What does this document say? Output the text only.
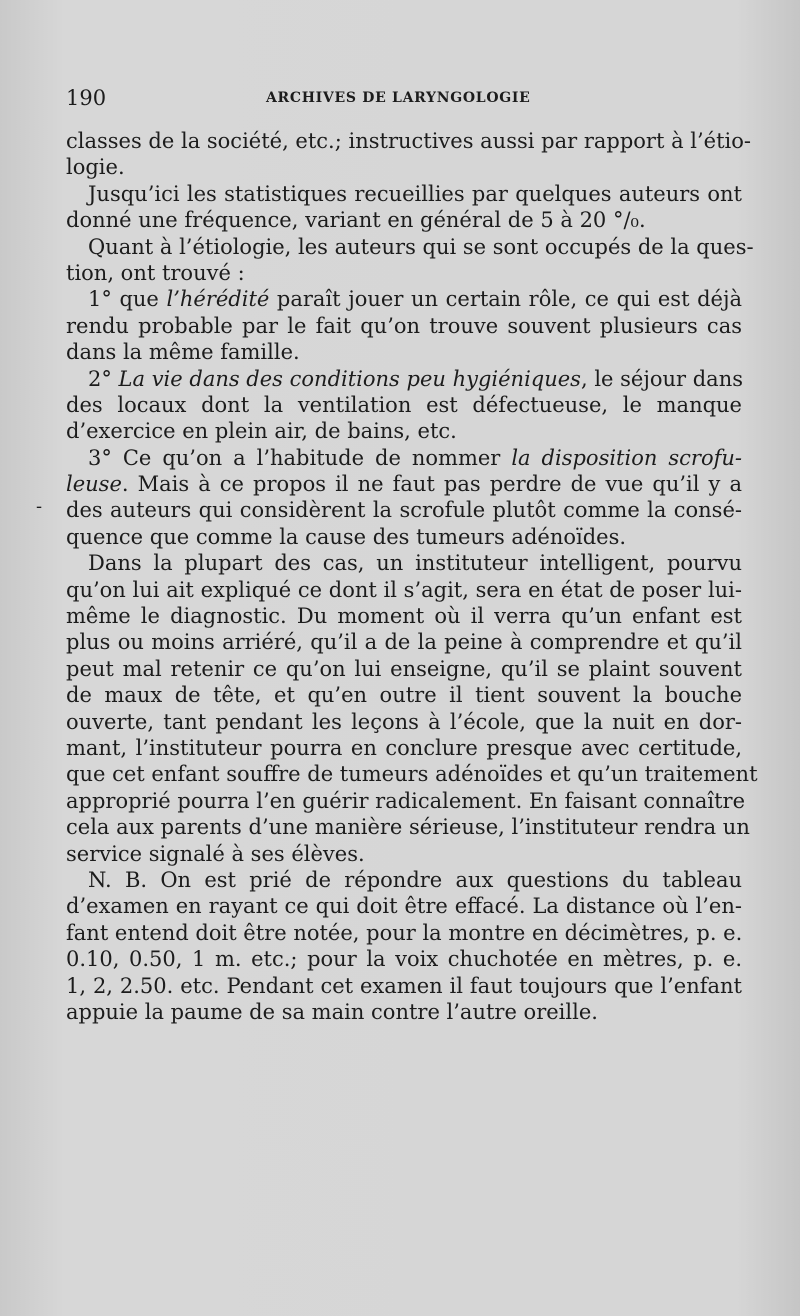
190	ARCHIVES DE LARYNGOLOGIE
-
classes de la société, etc.; instructives aussi par rapport à l’étio-
logie.
Jusqu’ici les statistiques recueillies par quelques auteurs ont
donné une fréquence, variant en général de 5 à 20 °/₀.
Quant à l’étiologie, les auteurs qui se sont occupés de la ques-
tion, ont trouvé :
1° que l’hérédité paraît jouer un certain rôle, ce qui est déjà
rendu probable par le fait qu’on trouve souvent plusieurs cas
dans la même famille.
2° La vie dans des conditions peu hygiéniques, le séjour dans
des locaux dont la ventilation est défectueuse, le manque
d’exercice en plein air, de bains, etc.
3° Ce qu’on a l’habitude de nommer la disposition scrofu-
leuse. Mais à ce propos il ne faut pas perdre de vue qu’il y a
des auteurs qui considèrent la scrofule plutôt comme la consé-
quence que comme la cause des tumeurs adénoïdes.
Dans la plupart des cas, un instituteur intelligent, pourvu
qu’on lui ait expliqué ce dont il s’agit, sera en état de poser lui-
même le diagnostic. Du moment où il verra qu’un enfant est
plus ou moins arriéré, qu’il a de la peine à comprendre et qu’il
peut mal retenir ce qu’on lui enseigne, qu’il se plaint souvent
de maux de tête, et qu’en outre il tient souvent la bouche
ouverte, tant pendant les leçons à l’école, que la nuit en dor-
mant, l’instituteur pourra en conclure presque avec certitude,
que cet enfant souffre de tumeurs adénoïdes et qu’un traitement
approprié pourra l’en guérir radicalement. En faisant connaître
cela aux parents d’une manière sérieuse, l’instituteur rendra un
service signalé à ses élèves.
N. B. On est prié de répondre aux questions du tableau
d’examen en rayant ce qui doit être effacé. La distance où l’en-
fant entend doit être notée, pour la montre en décimètres, p. e.
0.10, 0.50, 1 m. etc.; pour la voix chuchotée en mètres, p. e.
1, 2, 2.50. etc. Pendant cet examen il faut toujours que l’enfant
appuie la paume de sa main contre l’autre oreille.
